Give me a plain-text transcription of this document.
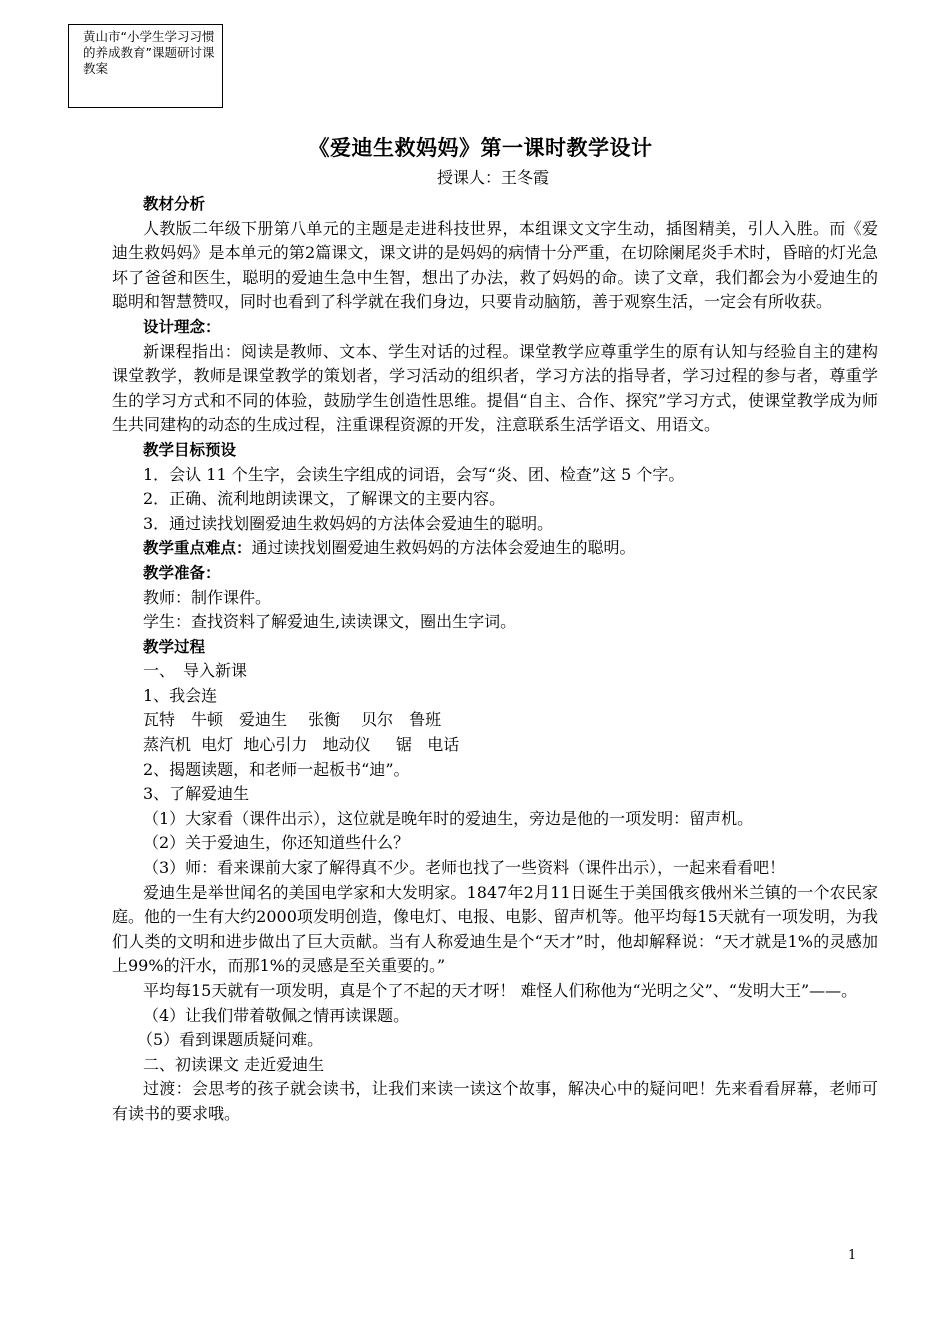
黄山市“小学生学习习惯的养成教育”课题研讨课教案
《爱迪生救妈妈》第一课时教学设计
授课人：王冬霞
教材分析
人教版二年级下册第八单元的主题是走进科技世界，本组课文文字生动，插图精美，引人入胜。而《爱迪生救妈妈》是本单元的第2篇课文，课文讲的是妈妈的病情十分严重，在切除阑尾炎手术时，昏暗的灯光急坏了爸爸和医生，聪明的爱迪生急中生智，想出了办法，救了妈妈的命。读了文章，我们都会为小爱迪生的聪明和智慧赞叹，同时也看到了科学就在我们身边，只要肯动脑筋，善于观察生活，一定会有所收获。
设计理念：
新课程指出：阅读是教师、文本、学生对话的过程。课堂教学应尊重学生的原有认知与经验自主的建构课堂教学，教师是课堂教学的策划者，学习活动的组织者，学习方法的指导者，学习过程的参与者，尊重学生的学习方式和不同的体验，鼓励学生创造性思维。提倡“自主、合作、探究”学习方式，使课堂教学成为师生共同建构的动态的生成过程，注重课程资源的开发，注意联系生活学语文、用语文。
教学目标预设
1．会认 11 个生字，会读生字组成的词语，会写“炎、团、检查”这 5 个字。
2．正确、流利地朗读课文，了解课文的主要内容。
3．通过读找划圈爱迪生救妈妈的方法体会爱迪生的聪明。
教学重点难点：通过读找划圈爱迪生救妈妈的方法体会爱迪生的聪明。
教学准备：
教师：制作课件。
学生：查找资料了解爱迪生,读读课文，圈出生字词。
教学过程
一、　导入新课
1、我会连
瓦特　牛顿　爱迪生　 张衡　 贝尔　鲁班
蒸汽机  电灯  地心引力   地动仪     锯   电话
2、揭题读题，和老师一起板书“迪”。
3、了解爱迪生
（1）大家看（课件出示），这位就是晚年时的爱迪生，旁边是他的一项发明：留声机。
（2）关于爱迪生，你还知道些什么？
（3）师：看来课前大家了解得真不少。老师也找了一些资料（课件出示），一起来看看吧！
爱迪生是举世闻名的美国电学家和大发明家。1847年2月11日诞生于美国俄亥俄州米兰镇的一个农民家庭。他的一生有大约2000项发明创造，像电灯、电报、电影、留声机等。他平均每15天就有一项发明，为我们人类的文明和进步做出了巨大贡献。当有人称爱迪生是个“天才”时，他却解释说：“天才就是1%的灵感加上99%的汗水，而那1%的灵感是至关重要的。”
平均每15天就有一项发明，真是个了不起的天才呀！ 难怪人们称他为“光明之父”、“发明大王”——。
（4）让我们带着敬佩之情再读课题。
（5）看到课题质疑问难。
二、初读课文 走近爱迪生
过渡：会思考的孩子就会读书，让我们来读一读这个故事，解决心中的疑问吧！先来看看屏幕，老师可有读书的要求哦。
1
